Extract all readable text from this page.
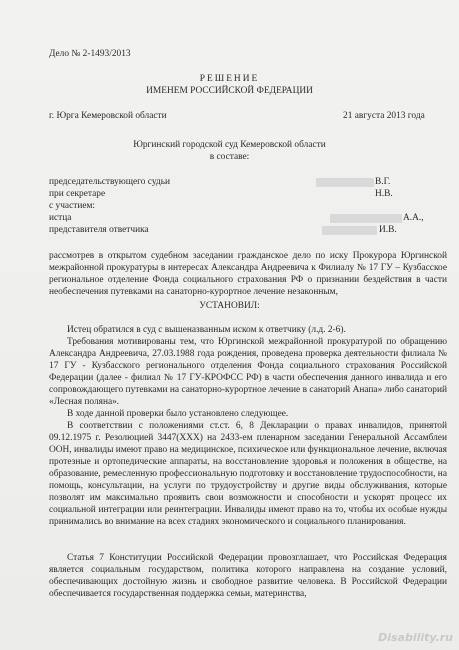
Дело № 2-1493/2013
РЕШЕНИЕ
ИМЕНЕМ РОССИЙСКОЙ ФЕДЕРАЦИИ
г. Юрга Кемеровской области	21 августа 2013 года
Юргинский городской суд Кемеровской области
в составе:
председательствующего судьи	В.Г.
при секретаре	Н.В.
с участием:
истца	А.А.,
представителя ответчика	И.В.
рассмотрев в открытом судебном заседании гражданское дело по иску Прокурора Юргинской межрайонной прокуратуры в интересах Александра Андреевича к Филиалу № 17 ГУ – Кузбасское региональное отделение Фонда социального страхования РФ о признании бездействия в части необеспечения путевками на санаторно-курортное лечение незаконным,
УСТАНОВИЛ:
Истец обратился в суд с вышеназванным иском к ответчику (л.д. 2-6).
Требования мотивированы тем, что Юргинской межрайонной прокуратурой по обращению Александра Андреевича, 27.03.1988 года рождения, проведена проверка деятельности филиала № 17 ГУ - Кузбасского регионального отделения Фонда социального страхования Российской Федерации (далее - филиал № 17 ГУ-КРОФСС РФ) в части обеспечения данного инвалида и его сопровождающего путевками на санаторно-курортное лечение в санаторий Анапа» либо санаторий «Лесная поляна».
В ходе данной проверки было установлено следующее.
В соответствии с положениями ст.ст. 6, 8 Декларации о правах инвалидов, принятой 09.12.1975 г. Резолюцией 3447(XXX) на 2433-ем пленарном заседании Генеральной Ассамблеи ООН, инвалиды имеют право на медицинское, психическое или функциональное лечение, включая протезные и ортопедические аппараты, на восстановление здоровья и положения в обществе, на образование, ремесленную профессиональную подготовку и восстановление трудоспособности, на помощь, консультации, на услуги по трудоустройству и другие виды обслуживания, которые позволят им максимально проявить свои возможности и способности и ускорят процесс их социальной интеграции или реинтеграции. Инвалиды имеют право на то, чтобы их особые нужды принимались во внимание на всех стадиях экономического и социального планирования.
Статья 7 Конституции Российской Федерации провозглашает, что Российская Федерация является социальным государством, политика которого направлена на создание условий, обеспечивающих достойную жизнь и свободное развитие человека. В Российской Федерации обеспечивается государственная поддержка семьи, материнства,
Disability.ru
